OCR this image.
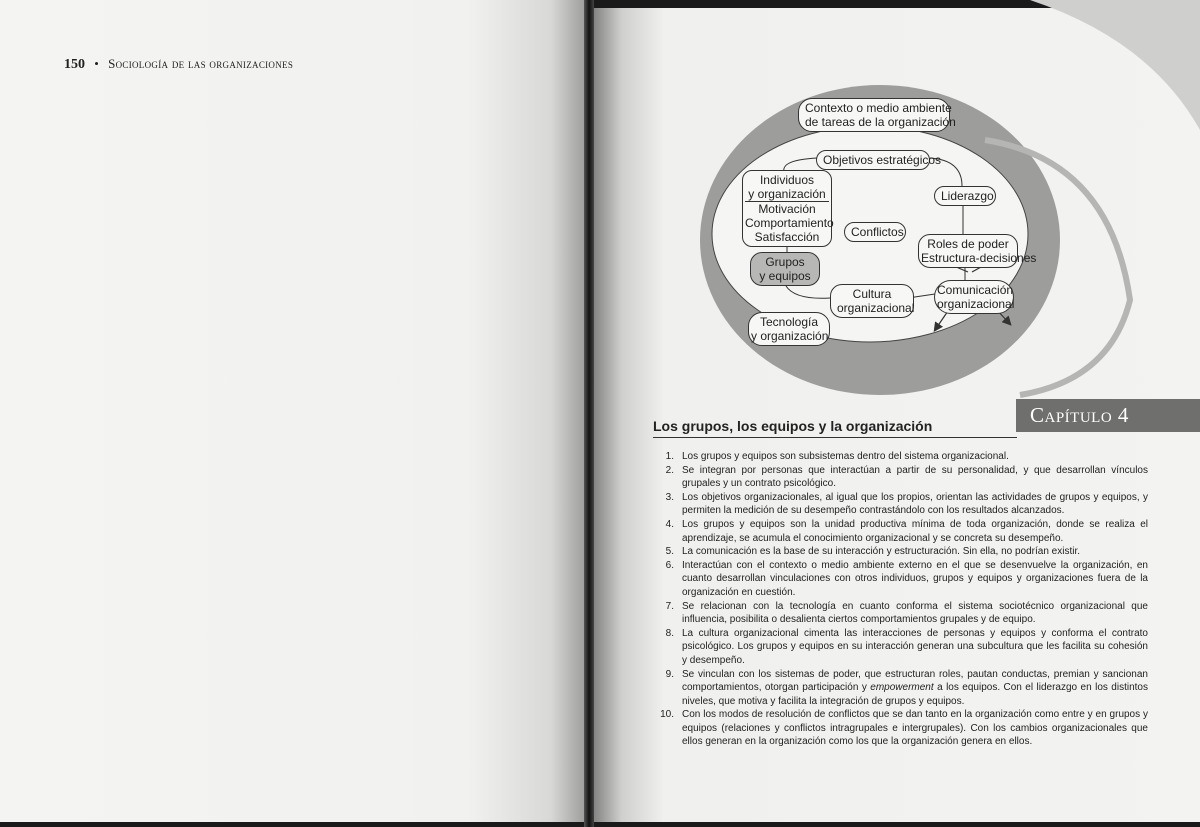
150 • Sociología de las organizaciones
Contexto o medio ambiente
de tareas de la organización
Objetivos estratégicos
Individuos
y organización
Motivación
Comportamiento
Satisfacción
Liderazgo
Conflictos
Roles de poder
Estructura-decisiones
Grupos
y equipos
Cultura
organizacional
Comunicación
organizacional
Tecnología
y organización
Capítulo 4
Los grupos, los equipos y la organización
1. Los grupos y equipos son subsistemas dentro del sistema organizacional.
2. Se integran por personas que interactúan a partir de su personalidad, y que desarrollan vínculos grupales y un contrato psicológico.
3. Los objetivos organizacionales, al igual que los propios, orientan las actividades de grupos y equipos, y permiten la medición de su desempeño contrastándolo con los resultados alcanzados.
4. Los grupos y equipos son la unidad productiva mínima de toda organización, donde se realiza el aprendizaje, se acumula el conocimiento organizacional y se concreta su desempeño.
5. La comunicación es la base de su interacción y estructuración. Sin ella, no podrían existir.
6. Interactúan con el contexto o medio ambiente externo en el que se desenvuelve la organización, en cuanto desarrollan vinculaciones con otros individuos, grupos y equipos y organizaciones fuera de la organización en cuestión.
7. Se relacionan con la tecnología en cuanto conforma el sistema sociotécnico organizacional que influencia, posibilita o desalienta ciertos comportamientos grupales y de equipo.
8. La cultura organizacional cimenta las interacciones de personas y equipos y conforma el contrato psicológico. Los grupos y equipos en su interacción generan una subcultura que les facilita su cohesión y desempeño.
9. Se vinculan con los sistemas de poder, que estructuran roles, pautan conductas, premian y sancionan comportamientos, otorgan participación y empowerment a los equipos. Con el liderazgo en los distintos niveles, que motiva y facilita la integración de grupos y equipos.
10. Con los modos de resolución de conflictos que se dan tanto en la organización como entre y en grupos y equipos (relaciones y conflictos intragrupales e intergrupales). Con los cambios organizacionales que ellos generan en la organización como los que la organización genera en ellos.
